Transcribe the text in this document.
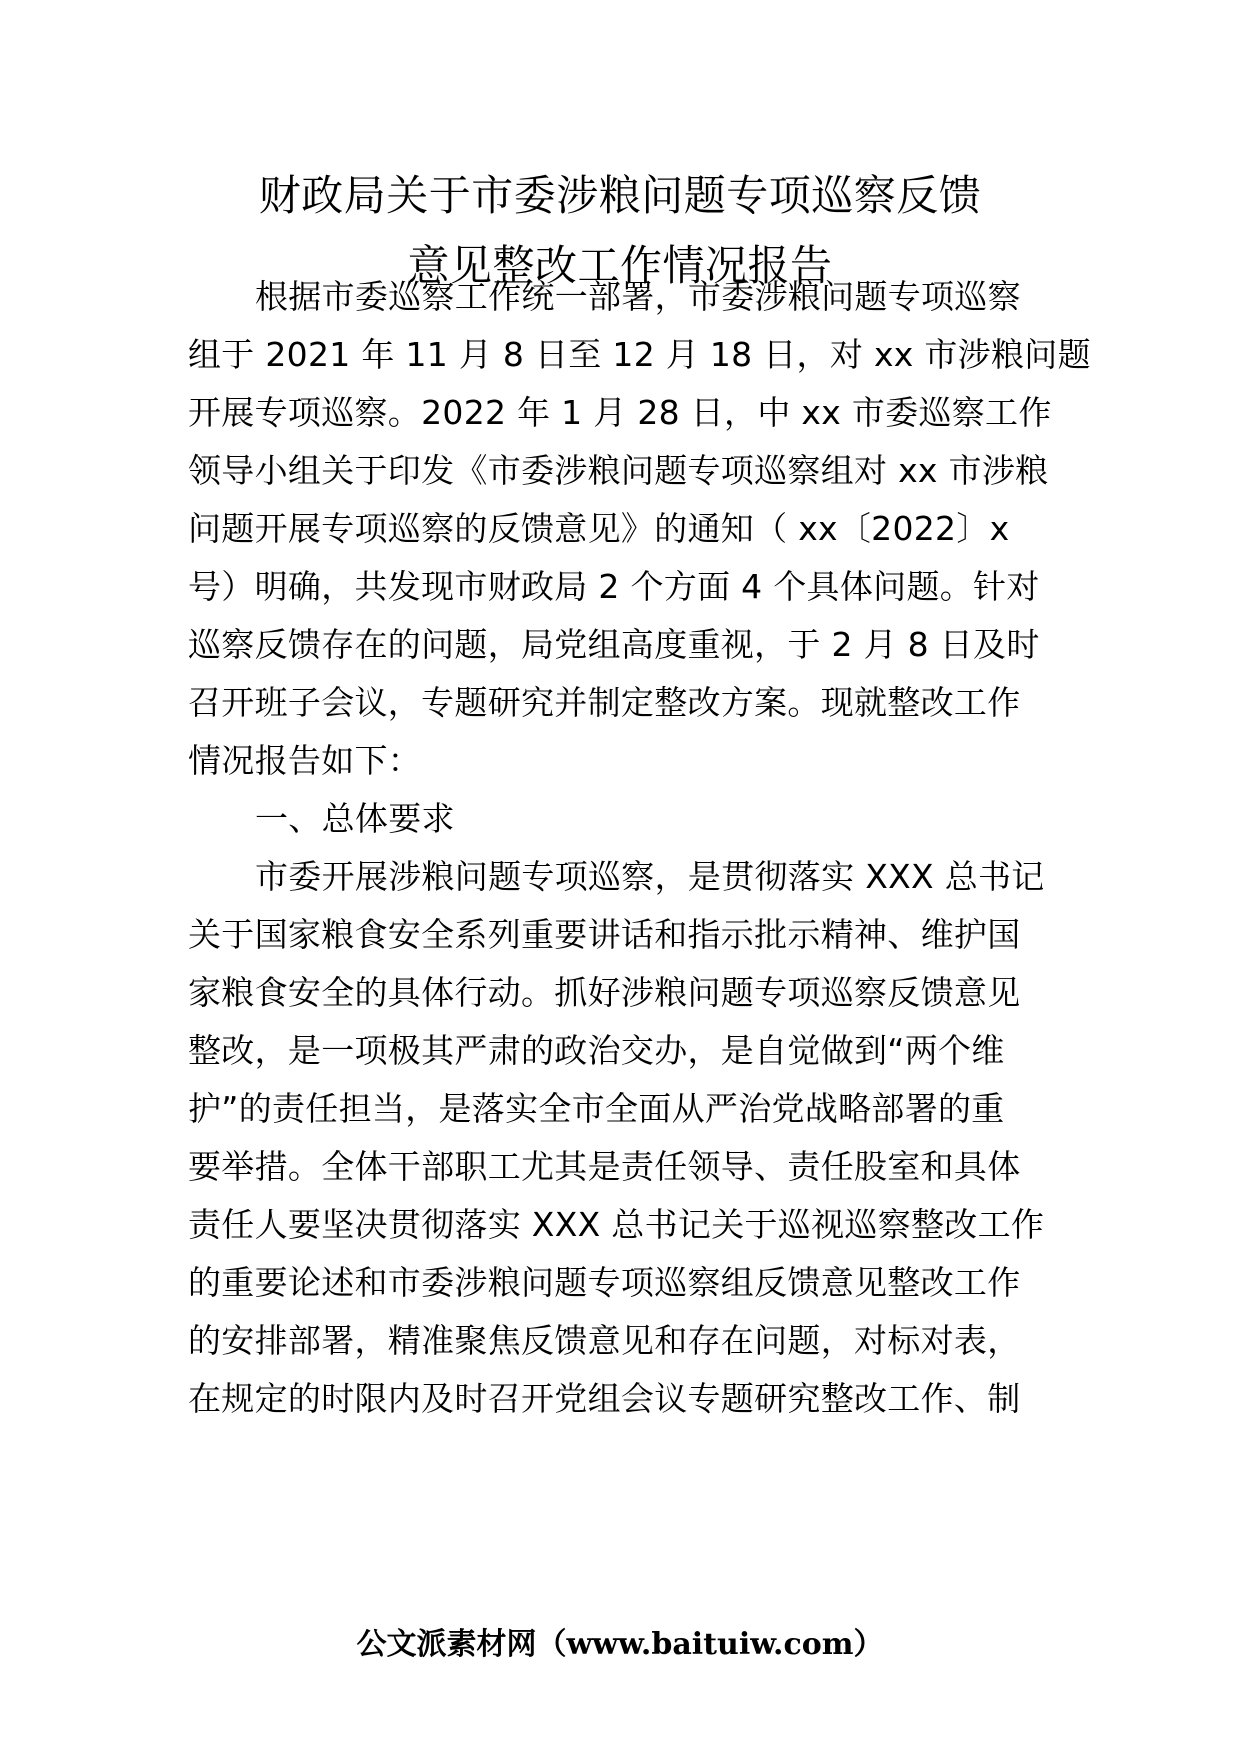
财政局关于市委涉粮问题专项巡察反馈
意见整改工作情况报告
根据市委巡察工作统一部署，市委涉粮问题专项巡察
组于 2021 年 11 月 8 日至 12 月 18 日，对 xx 市涉粮问题
开展专项巡察。2022 年 1 月 28 日，中 xx 市委巡察工作
领导小组关于印发《市委涉粮问题专项巡察组对 xx 市涉粮
问题开展专项巡察的反馈意见》的通知（ xx〔2022〕x
号）明确，共发现市财政局 2 个方面 4 个具体问题。针对
巡察反馈存在的问题，局党组高度重视，于 2 月 8 日及时
召开班子会议，专题研究并制定整改方案。现就整改工作
情况报告如下：
一、总体要求
市委开展涉粮问题专项巡察，是贯彻落实 XXX 总书记
关于国家粮食安全系列重要讲话和指示批示精神、维护国
家粮食安全的具体行动。抓好涉粮问题专项巡察反馈意见
整改，是一项极其严肃的政治交办，是自觉做到“两个维
护”的责任担当，是落实全市全面从严治党战略部署的重
要举措。全体干部职工尤其是责任领导、责任股室和具体
责任人要坚决贯彻落实 XXX 总书记关于巡视巡察整改工作
的重要论述和市委涉粮问题专项巡察组反馈意见整改工作
的安排部署，精准聚焦反馈意见和存在问题，对标对表，
在规定的时限内及时召开党组会议专题研究整改工作、制
公文派素材网（www.baituiw.com）
